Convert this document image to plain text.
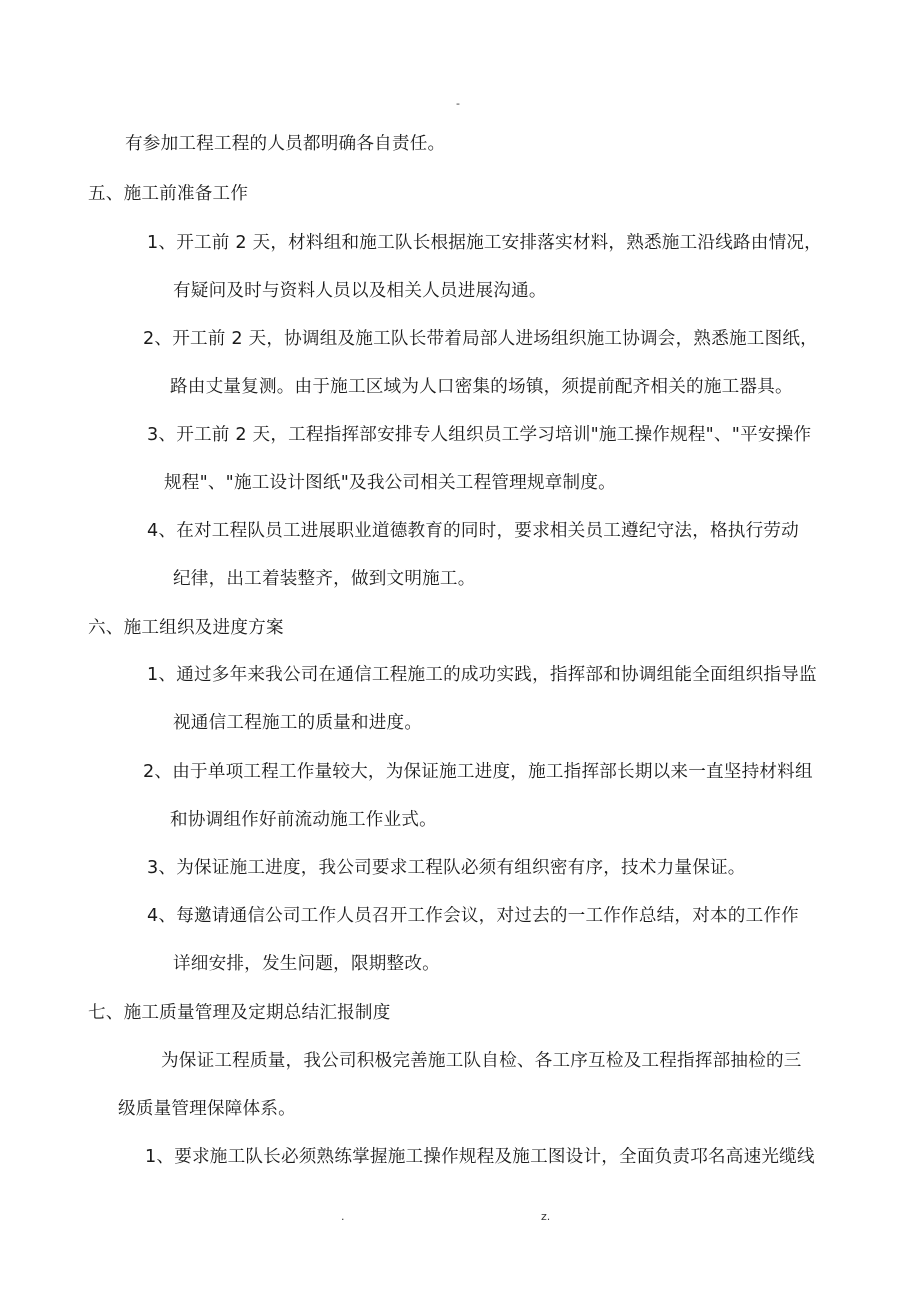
-
有参加工程工程的人员都明确各自责任。
五、施工前准备工作
1、开工前 2 天，材料组和施工队长根据施工安排落实材料，熟悉施工沿线路由情况，
有疑问及时与资料人员以及相关人员进展沟通。
2、开工前 2 天，协调组及施工队长带着局部人进场组织施工协调会，熟悉施工图纸，
路由丈量复测。由于施工区域为人口密集的场镇，须提前配齐相关的施工器具。
3、开工前 2 天，工程指挥部安排专人组织员工学习培训"施工操作规程"、"平安操作
规程"、"施工设计图纸"及我公司相关工程管理规章制度。
4、在对工程队员工进展职业道德教育的同时，要求相关员工遵纪守法，格执行劳动
纪律，出工着装整齐，做到文明施工。
六、施工组织及进度方案
1、通过多年来我公司在通信工程施工的成功实践，指挥部和协调组能全面组织指导监
视通信工程施工的质量和进度。
2、由于单项工程工作量较大，为保证施工进度，施工指挥部长期以来一直坚持材料组
和协调组作好前流动施工作业式。
3、为保证施工进度，我公司要求工程队必须有组织密有序，技术力量保证。
4、每邀请通信公司工作人员召开工作会议，对过去的一工作作总结，对本的工作作
详细安排，发生问题，限期整改。
七、施工质量管理及定期总结汇报制度
为保证工程质量，我公司积极完善施工队自检、各工序互检及工程指挥部抽检的三
级质量管理保障体系。
1、要求施工队长必须熟练掌握施工操作规程及施工图设计，全面负责邛名高速光缆线
.	z.
